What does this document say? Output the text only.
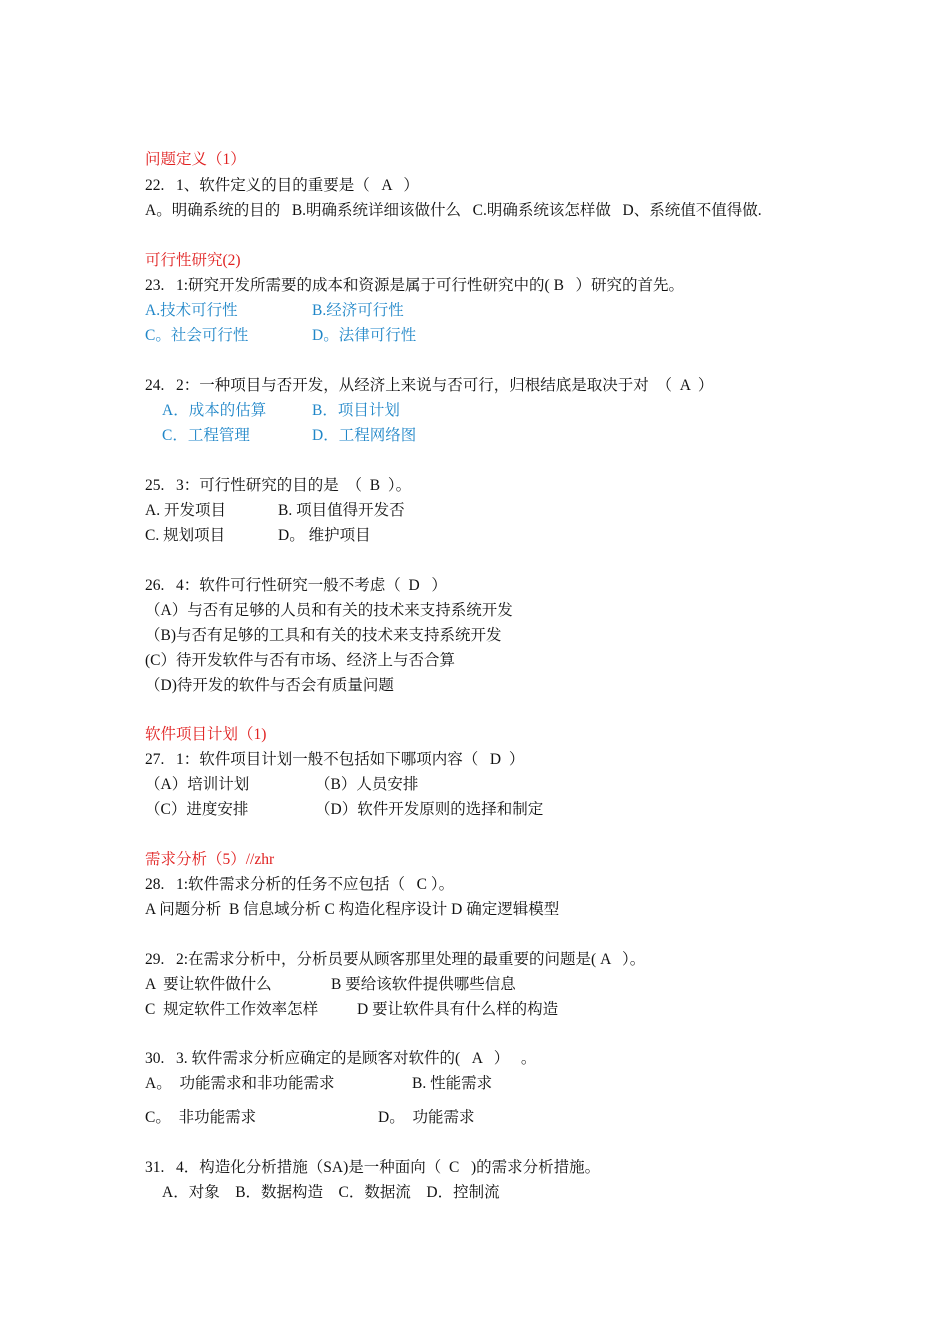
问题定义（1）
22.   1、软件定义的目的重要是（   A   ）
A。明确系统的目的   B.明确系统详细该做什么   C.明确系统该怎样做   D、系统值不值得做.
可行性研究(2)
23.   1:研究开发所需要的成本和资源是属于可行性研究中的( B   ）研究的首先。
A.技术可行性	B.经济可行性
C。社会可行性	D。法律可行性
24.   2：一种项目与否开发，从经济上来说与否可行，归根结底是取决于对  （  A  ）
A．成本的估算	B．项目计划
C．工程管理	D．工程网络图
25.   3：可行性研究的目的是  （  B  ）。
A. 开发项目	B. 项目值得开发否
C. 规划项目	D。 维护项目
26.   4：软件可行性研究一般不考虑（  D   ）
（A）与否有足够的人员和有关的技术来支持系统开发
（B)与否有足够的工具和有关的技术来支持系统开发
(C）待开发软件与否有市场、经济上与否合算
（D)待开发的软件与否会有质量问题
软件项目计划（1)
27.   1：软件项目计划一般不包括如下哪项内容（   D  ）
（A）培训计划	（B）人员安排
（C）进度安排	（D）软件开发原则的选择和制定
需求分析（5）//zhr
28.   1:软件需求分析的任务不应包括（   C ）。
A 问题分析  B 信息域分析 C 构造化程序设计 D 确定逻辑模型
29.   2:在需求分析中，分析员要从顾客那里处理的最重要的问题是( A   ）。
A  要让软件做什么	B 要给该软件提供哪些信息
C  规定软件工作效率怎样	D 要让软件具有什么样的构造
30.   3. 软件需求分析应确定的是顾客对软件的(   A   ）   。
A。  功能需求和非功能需求	B. 性能需求
C。  非功能需求	D。  功能需求
31.   4．构造化分析措施（SA)是一种面向（  C   )的需求分析措施。
A．对象    B．数据构造    C．数据流    D．控制流
